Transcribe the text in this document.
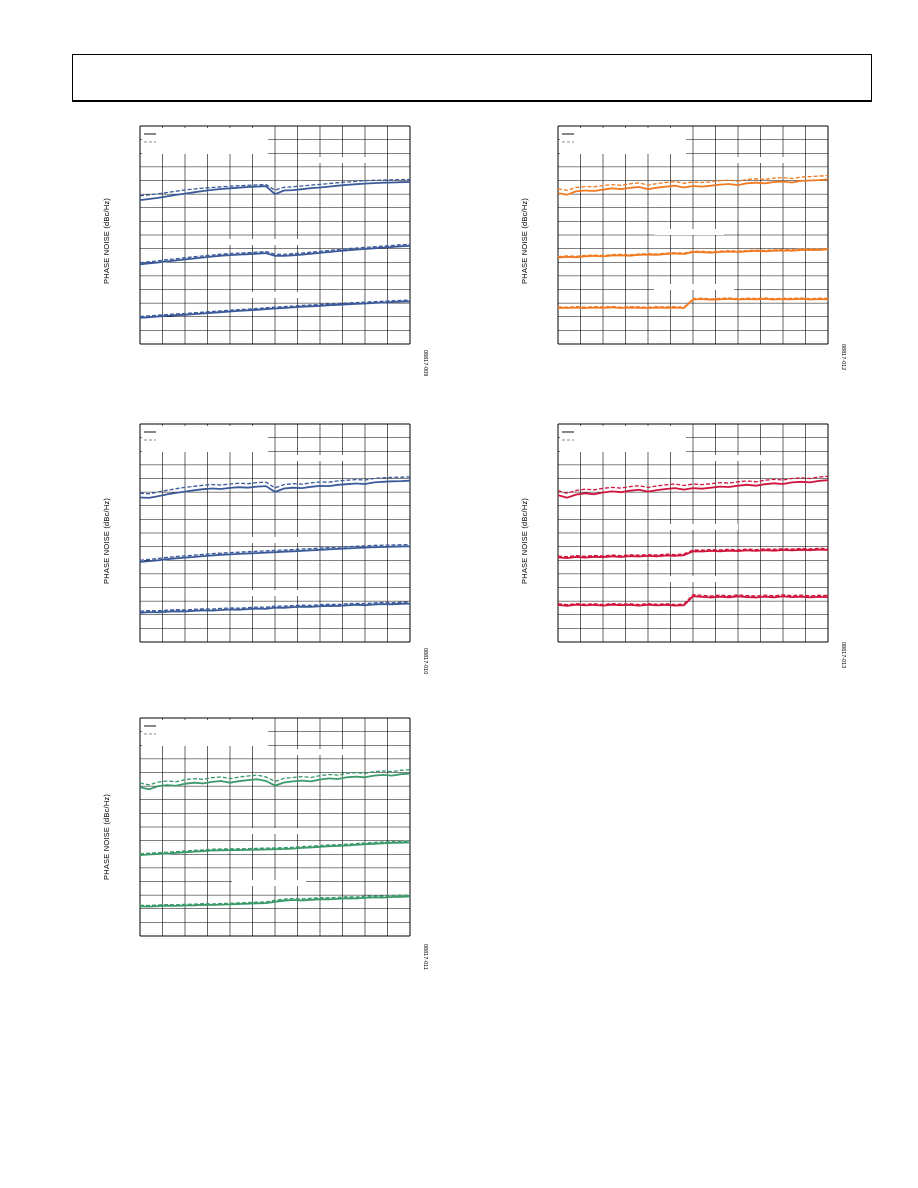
PHASE NOISE (dBc/Hz)
08817-009
PHASE NOISE (dBc/Hz)
08817-012
PHASE NOISE (dBc/Hz)
08817-010
PHASE NOISE (dBc/Hz)
08817-013
PHASE NOISE (dBc/Hz)
08817-011
